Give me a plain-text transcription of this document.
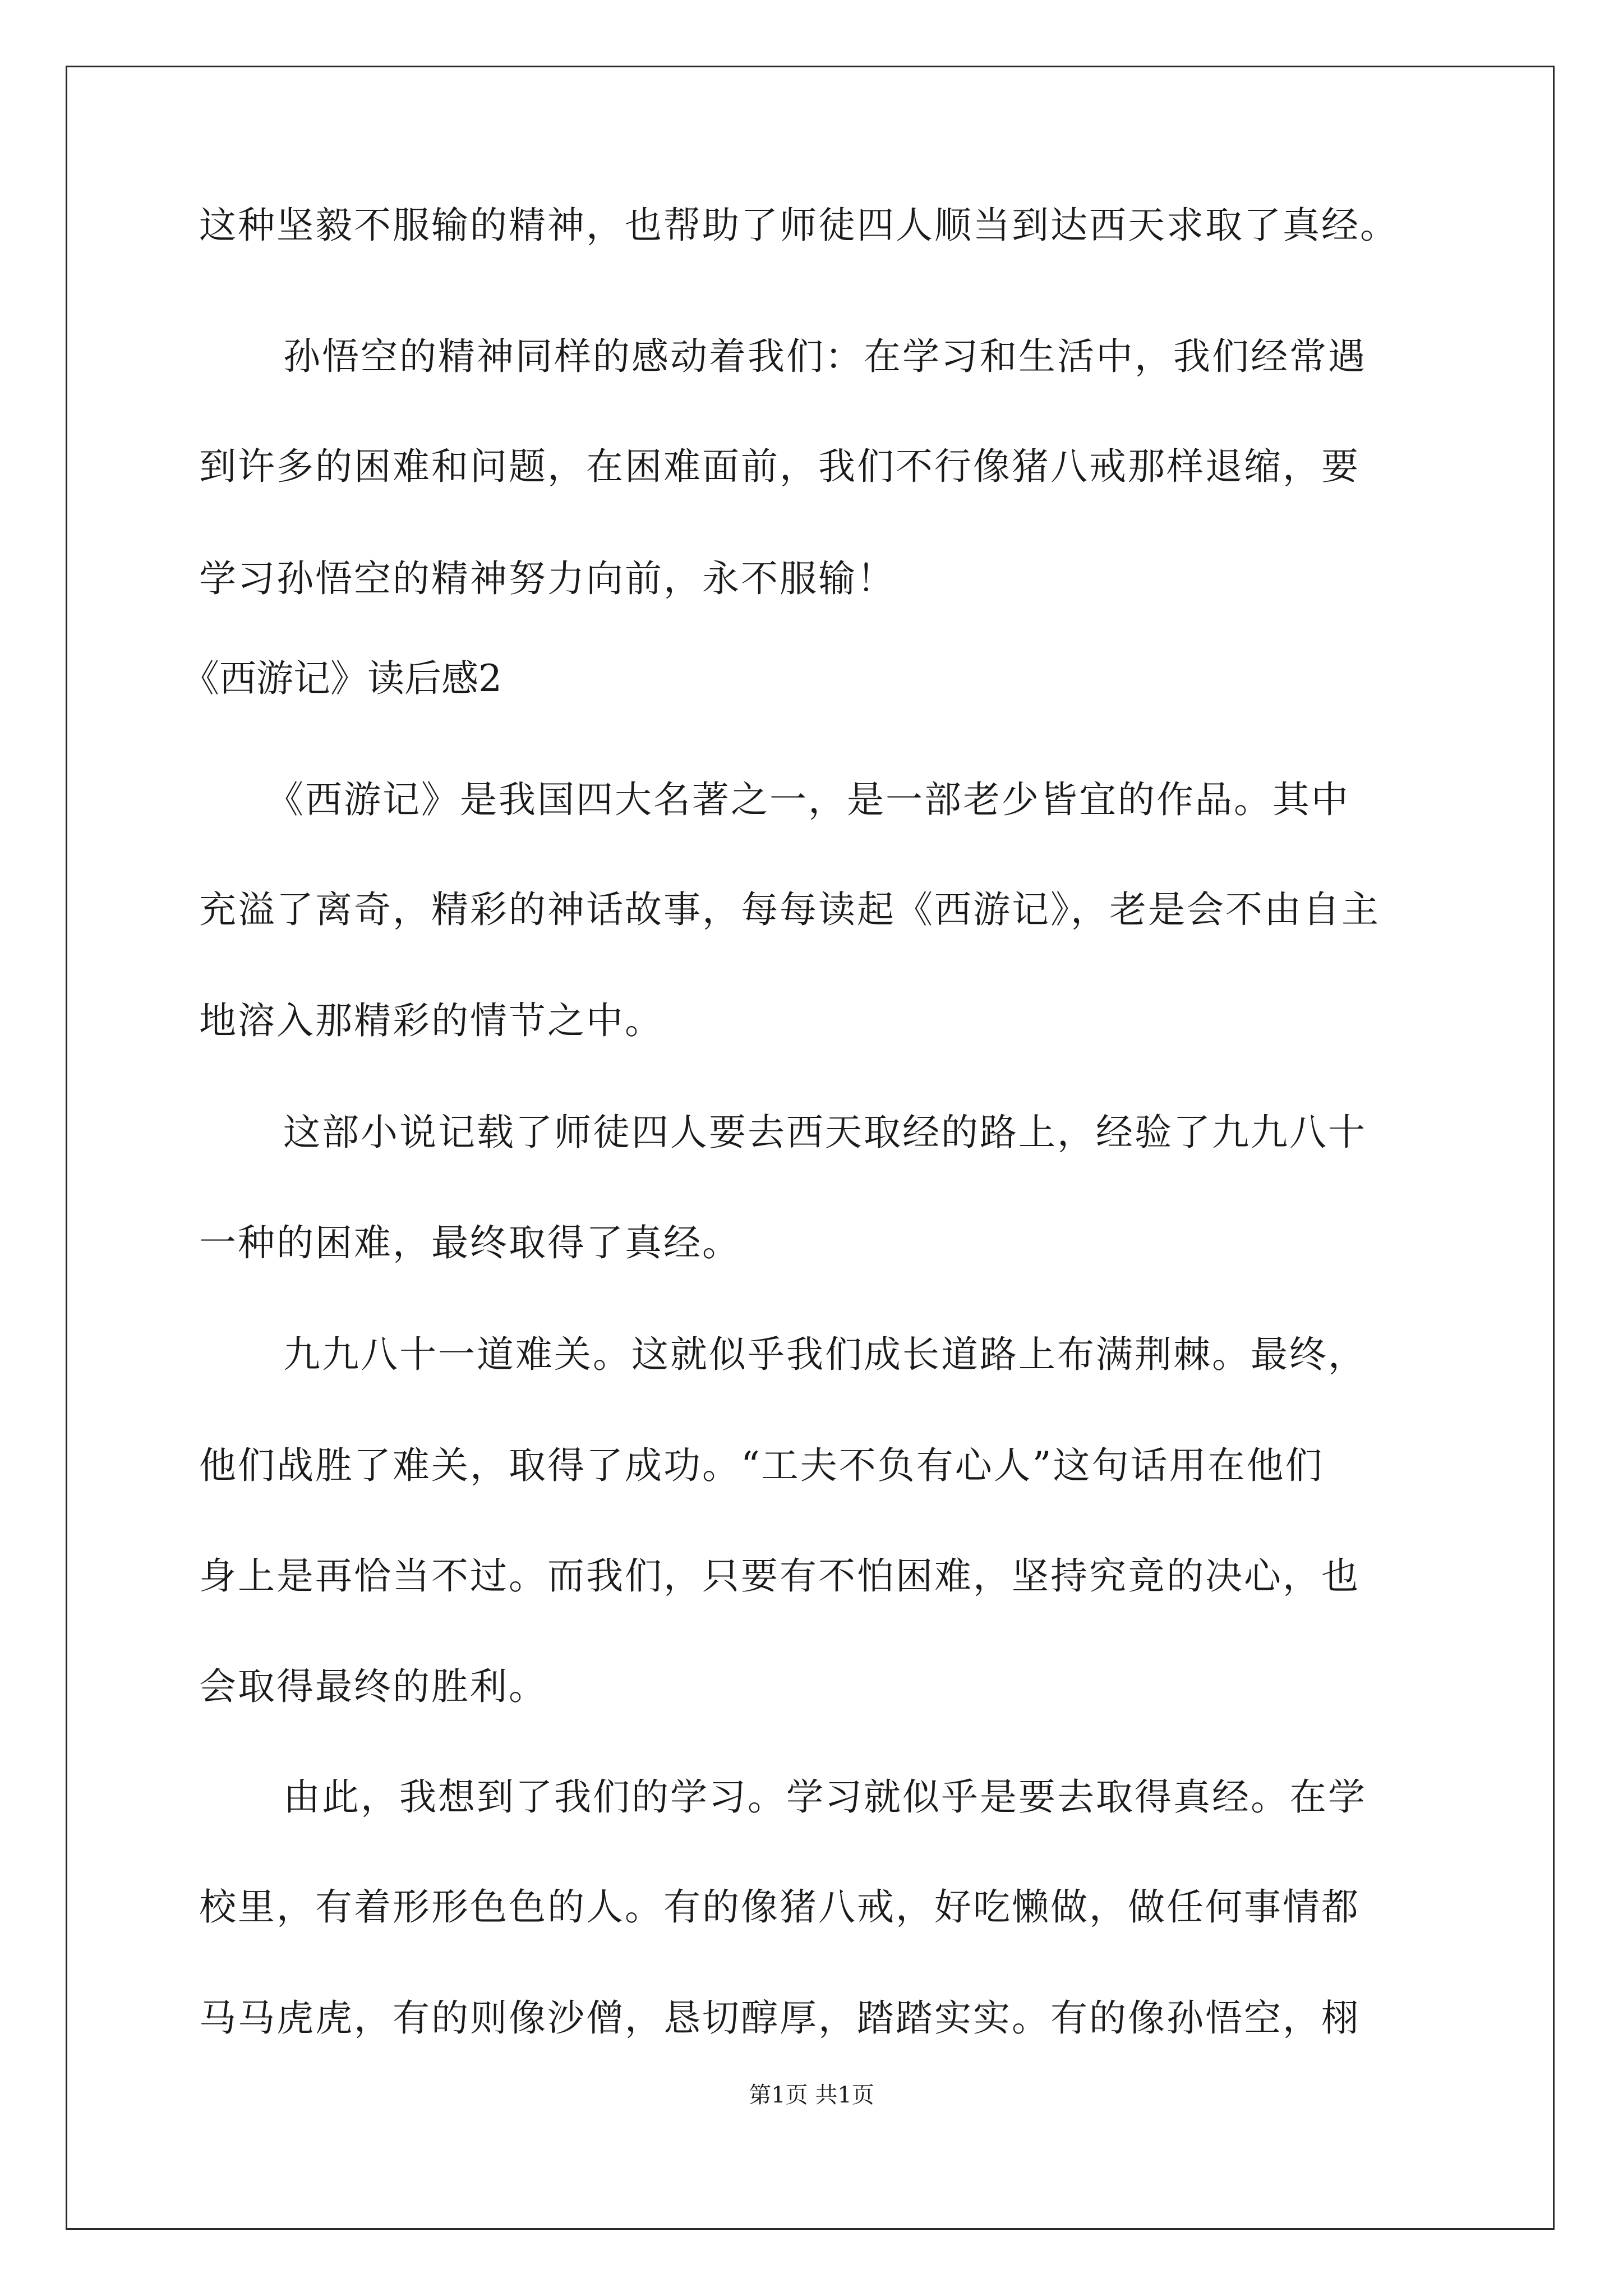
这种坚毅不服输的精神，也帮助了师徒四人顺当到达西天求取了真经。
孙悟空的精神同样的感动着我们：在学习和生活中，我们经常遇
到许多的困难和问题，在困难面前，我们不行像猪八戒那样退缩，要
学习孙悟空的精神努力向前，永不服输！
《西游记》读后感2
《西游记》是我国四大名著之一，是一部老少皆宜的作品。其中
充溢了离奇，精彩的神话故事，每每读起《西游记》，老是会不由自主
地溶入那精彩的情节之中。
这部小说记载了师徒四人要去西天取经的路上，经验了九九八十
一种的困难，最终取得了真经。
九九八十一道难关。这就似乎我们成长道路上布满荆棘。最终，
他们战胜了难关，取得了成功。“工夫不负有心人”这句话用在他们
身上是再恰当不过。而我们，只要有不怕困难，坚持究竟的决心，也
会取得最终的胜利。
由此，我想到了我们的学习。学习就似乎是要去取得真经。在学
校里，有着形形色色的人。有的像猪八戒，好吃懒做，做任何事情都
马马虎虎，有的则像沙僧，恳切醇厚，踏踏实实。有的像孙悟空，栩
第1页 共1页
